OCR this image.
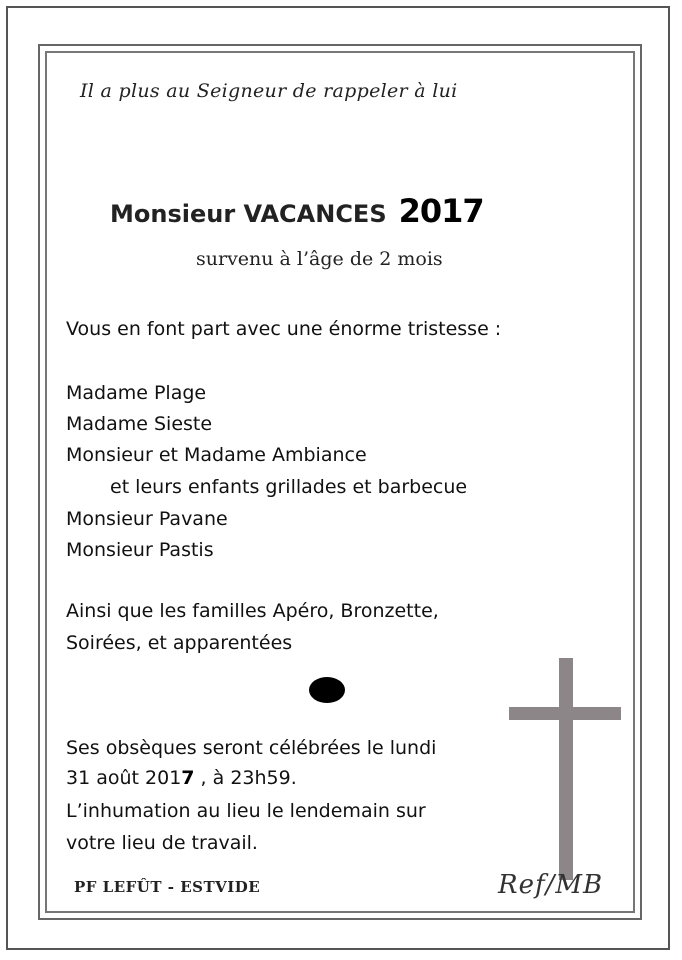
Il a plus au Seigneur de rappeler à lui
Monsieur VACANCES 2017
survenu à l’âge de 2 mois
Vous en font part avec une énorme tristesse :
Madame Plage
Madame Sieste
Monsieur et Madame Ambiance
et leurs enfants grillades et barbecue
Monsieur Pavane
Monsieur Pastis
Ainsi que les familles Apéro, Bronzette,
Soirées, et apparentées
Ses obsèques seront célébrées le lundi
31 août 2017 , à 23h59.
L’inhumation au lieu le lendemain sur
votre lieu de travail.
PF LEFÛT - ESTVIDE	Ref/MB
